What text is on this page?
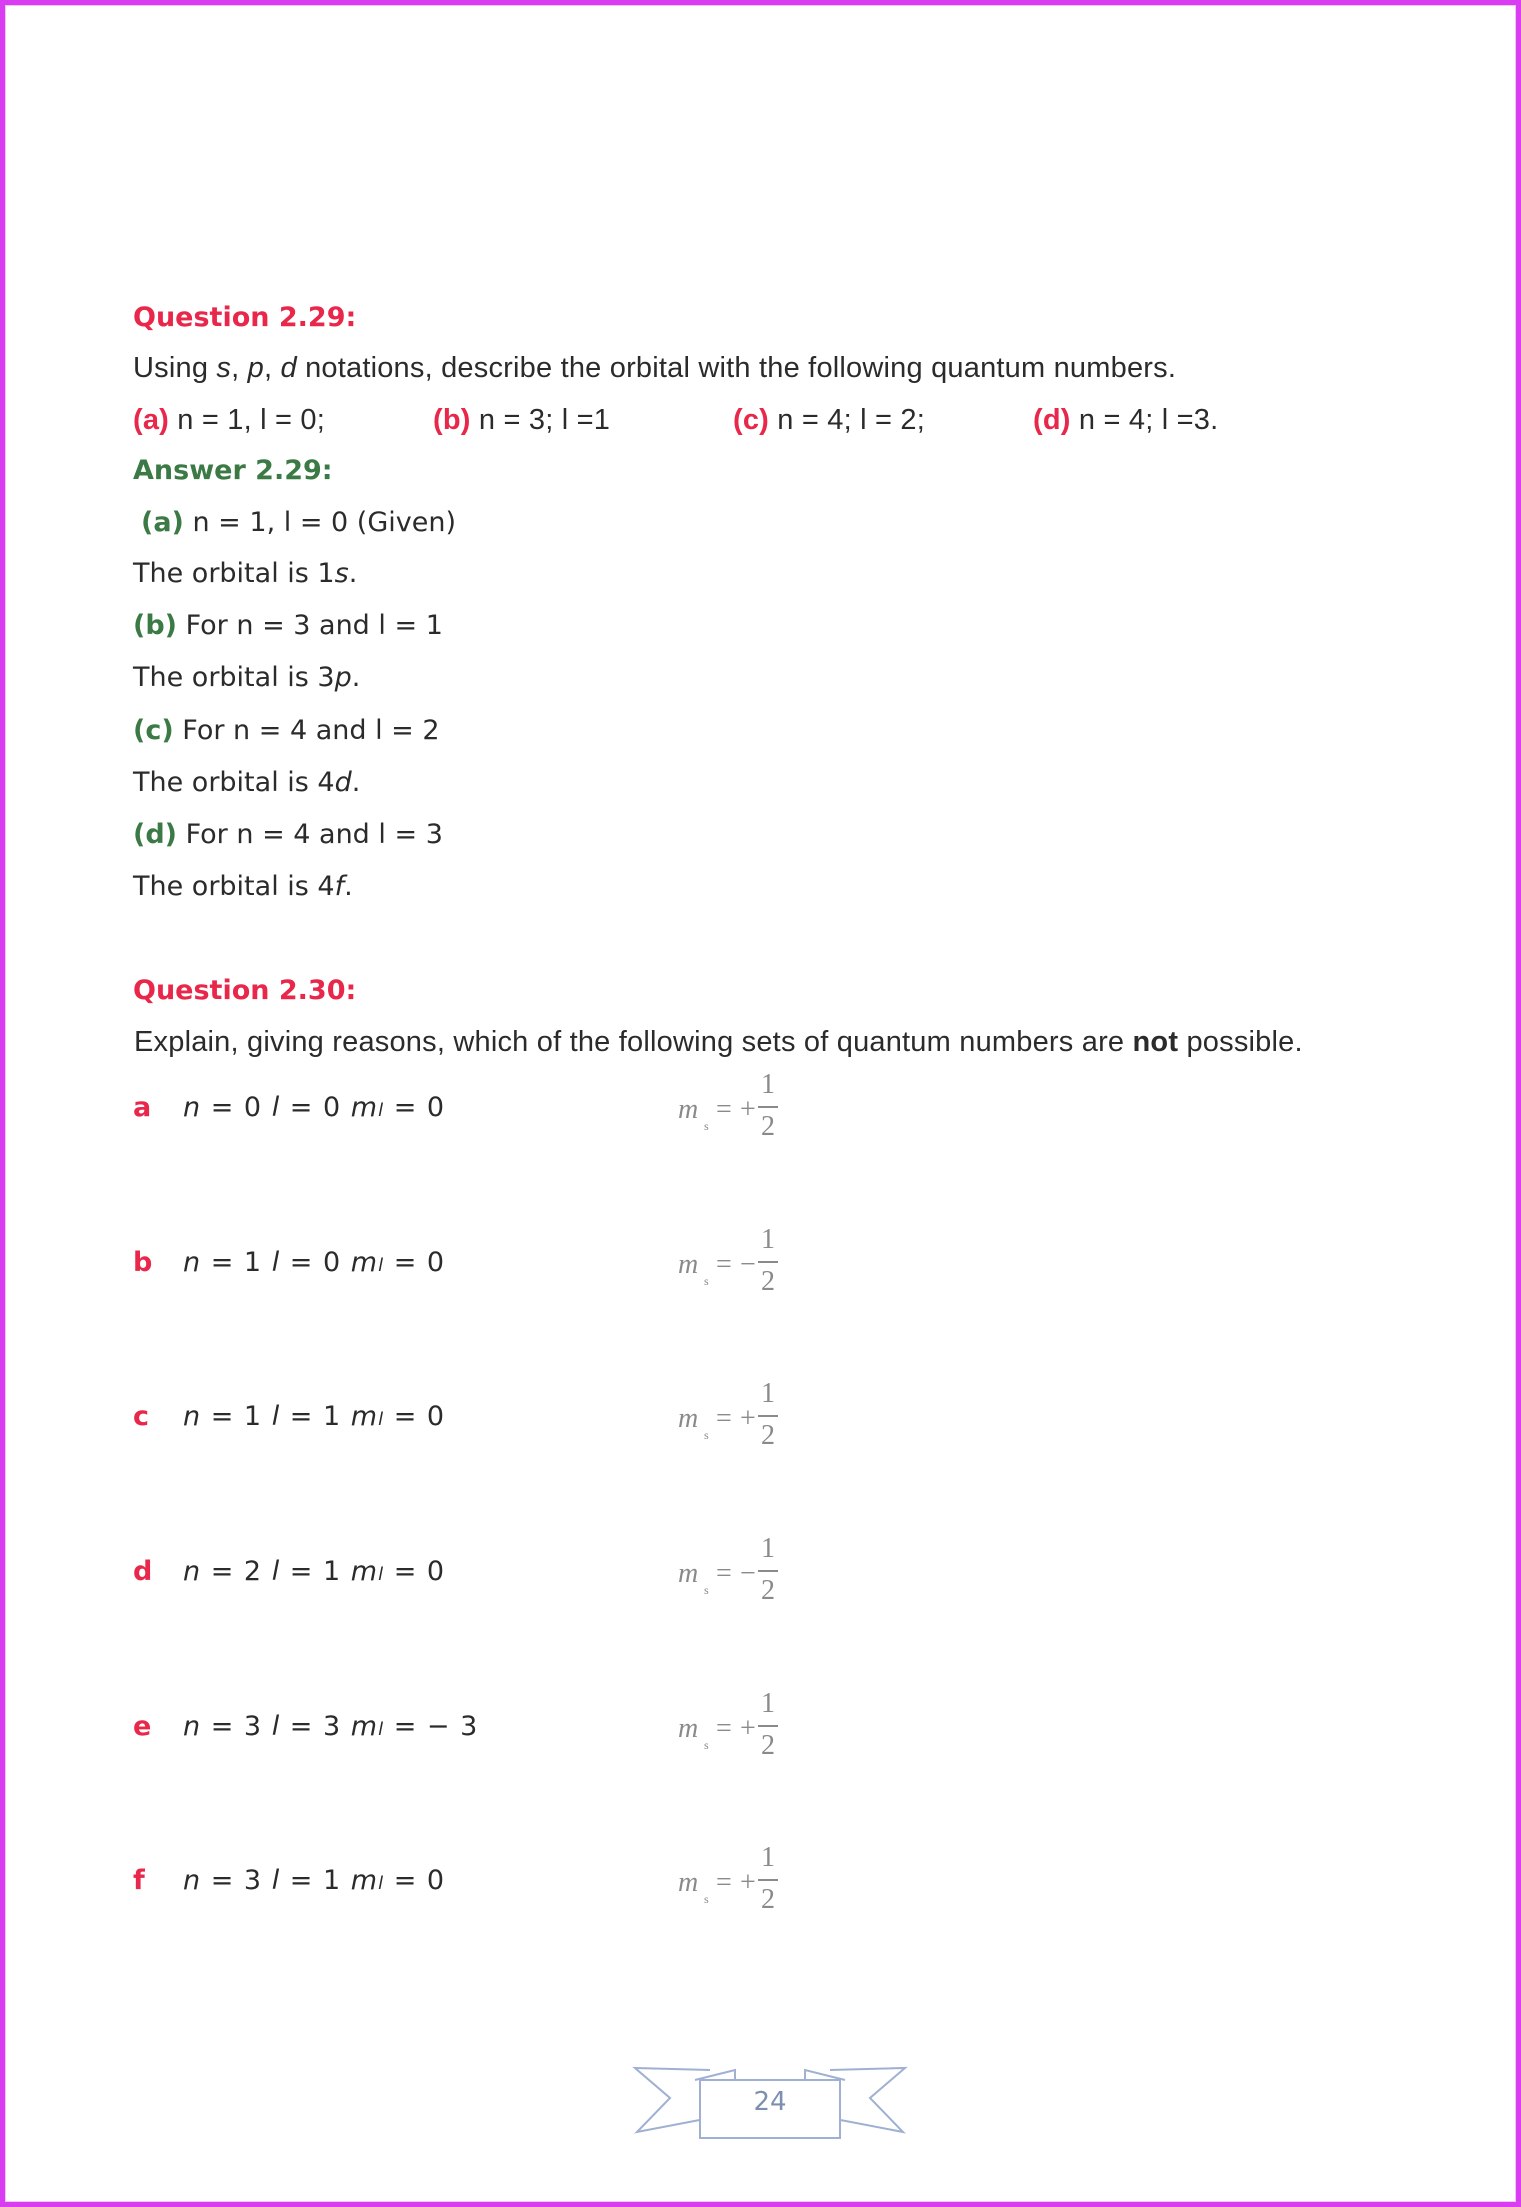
Question 2.29:
Using s, p, d notations, describe the orbital with the following quantum numbers.
(a) n = 1, l = 0;	(b) n = 3; l =1	(c) n = 4; l = 2;	(d) n = 4; l =3.
Answer 2.29:
(a) n = 1, l = 0 (Given)
The orbital is 1s.
(b) For n = 3 and l = 1
The orbital is 3p.
(c) For n = 4 and l = 2
The orbital is 4d.
(d) For n = 4 and l = 3
The orbital is 4f.
Question 2.30:
Explain, giving reasons, which of the following sets of quantum numbers are not possible.
a n = 0 l = 0 ml = 0	m
s
= +
1
2
b n = 1 l = 0 ml = 0	m
s
= −
1
2
c n = 1 l = 1 ml = 0	m
s
= +
1
2
d n = 2 l = 1 ml = 0	m
s
= −
1
2
e n = 3 l = 3 ml = − 3	m
s
= +
1
2
f n = 3 l = 1 ml = 0	m
s
= +
1
2
24
